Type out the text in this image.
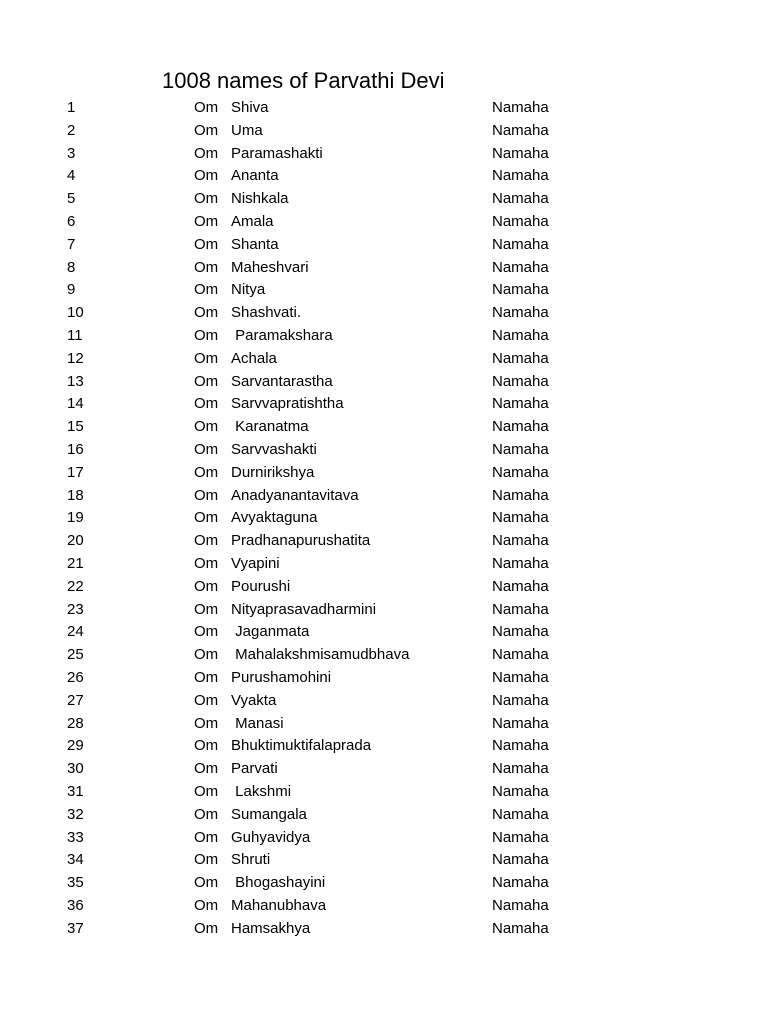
1008 names of Parvathi Devi
1	Om Shiva	Namaha
2	Om Uma	Namaha
3	Om Paramashakti	Namaha
4	Om Ananta	Namaha
5	Om Nishkala	Namaha
6	Om Amala	Namaha
7	Om Shanta	Namaha
8	Om Maheshvari	Namaha
9	Om Nitya	Namaha
10	Om Shashvati.	Namaha
11	Om Paramakshara	Namaha
12	Om Achala	Namaha
13	Om Sarvantarastha	Namaha
14	Om Sarvvapratishtha	Namaha
15	Om Karanatma	Namaha
16	Om Sarvvashakti	Namaha
17	Om Durnirikshya	Namaha
18	Om Anadyanantavitava	Namaha
19	Om Avyaktaguna	Namaha
20	Om Pradhanapurushatita	Namaha
21	Om Vyapini	Namaha
22	Om Pourushi	Namaha
23	Om Nityaprasavadharmini	Namaha
24	Om Jaganmata	Namaha
25	Om Mahalakshmisamudbhava	Namaha
26	Om Purushamohini	Namaha
27	Om Vyakta	Namaha
28	Om Manasi	Namaha
29	Om Bhuktimuktifalaprada	Namaha
30	Om Parvati	Namaha
31	Om Lakshmi	Namaha
32	Om Sumangala	Namaha
33	Om Guhyavidya	Namaha
34	Om Shruti	Namaha
35	Om Bhogashayini	Namaha
36	Om Mahanubhava	Namaha
37	Om Hamsakhya	Namaha
